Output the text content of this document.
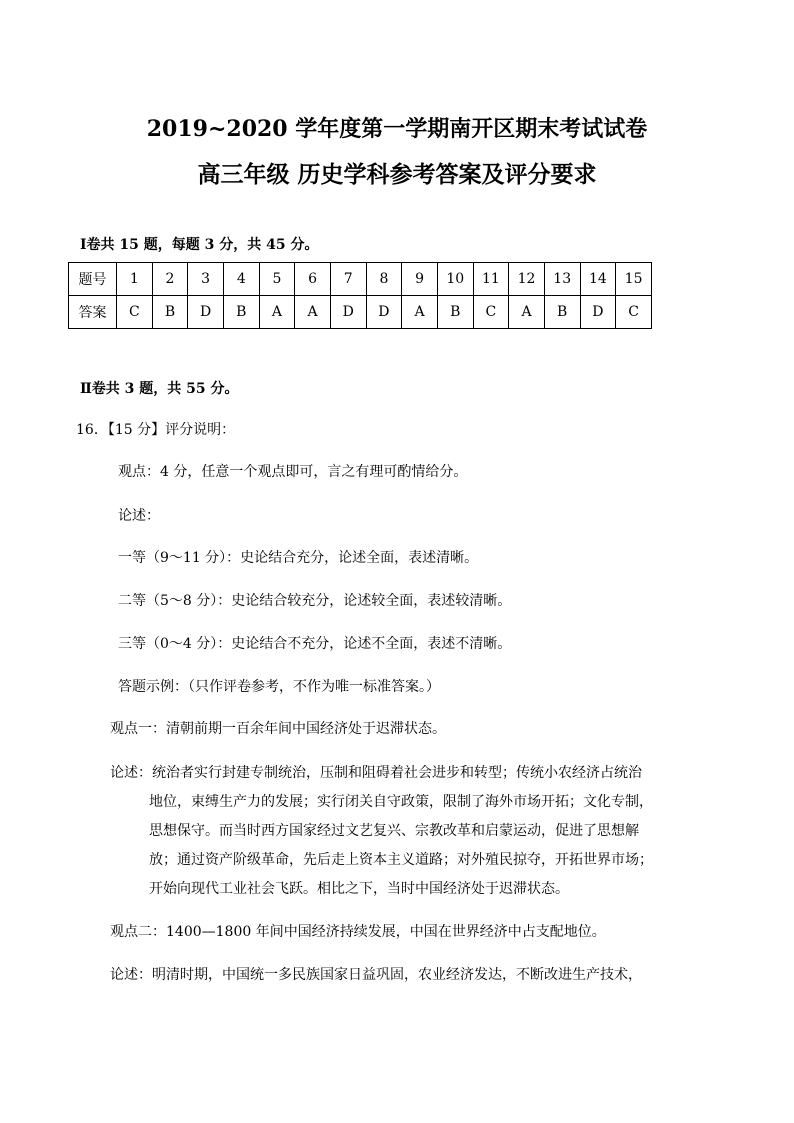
2019~2020 学年度第一学期南开区期末考试试卷
高三年级 历史学科参考答案及评分要求
Ⅰ卷共 15 题，每题 3 分，共 45 分。
题号	1	2	3	4	5	6	7	8	9	10	11	12	13	14	15
答案	C	B	D	B	A	A	D	D	A	B	C	A	B	D	C
Ⅱ卷共 3 题，共 55 分。
16．【15 分】评分说明：
观点：4 分，任意一个观点即可，言之有理可酌情给分。
论述：
一等（9～11 分）：史论结合充分，论述全面，表述清晰。
二等（5～8 分）：史论结合较充分，论述较全面，表述较清晰。
三等（0～4 分）：史论结合不充分，论述不全面，表述不清晰。
答题示例：（只作评卷参考，不作为唯一标准答案。）
观点一：清朝前期一百余年间中国经济处于迟滞状态。
论述：统治者实行封建专制统治，压制和阻碍着社会进步和转型；传统小农经济占统治
地位，束缚生产力的发展；实行闭关自守政策，限制了海外市场开拓；文化专制，
思想保守。而当时西方国家经过文艺复兴、宗教改革和启蒙运动，促进了思想解
放；通过资产阶级革命，先后走上资本主义道路；对外殖民掠夺，开拓世界市场；
开始向现代工业社会飞跃。相比之下，当时中国经济处于迟滞状态。
观点二：1400—1800 年间中国经济持续发展，中国在世界经济中占支配地位。
论述：明清时期，中国统一多民族国家日益巩固，农业经济发达，不断改进生产技术，
